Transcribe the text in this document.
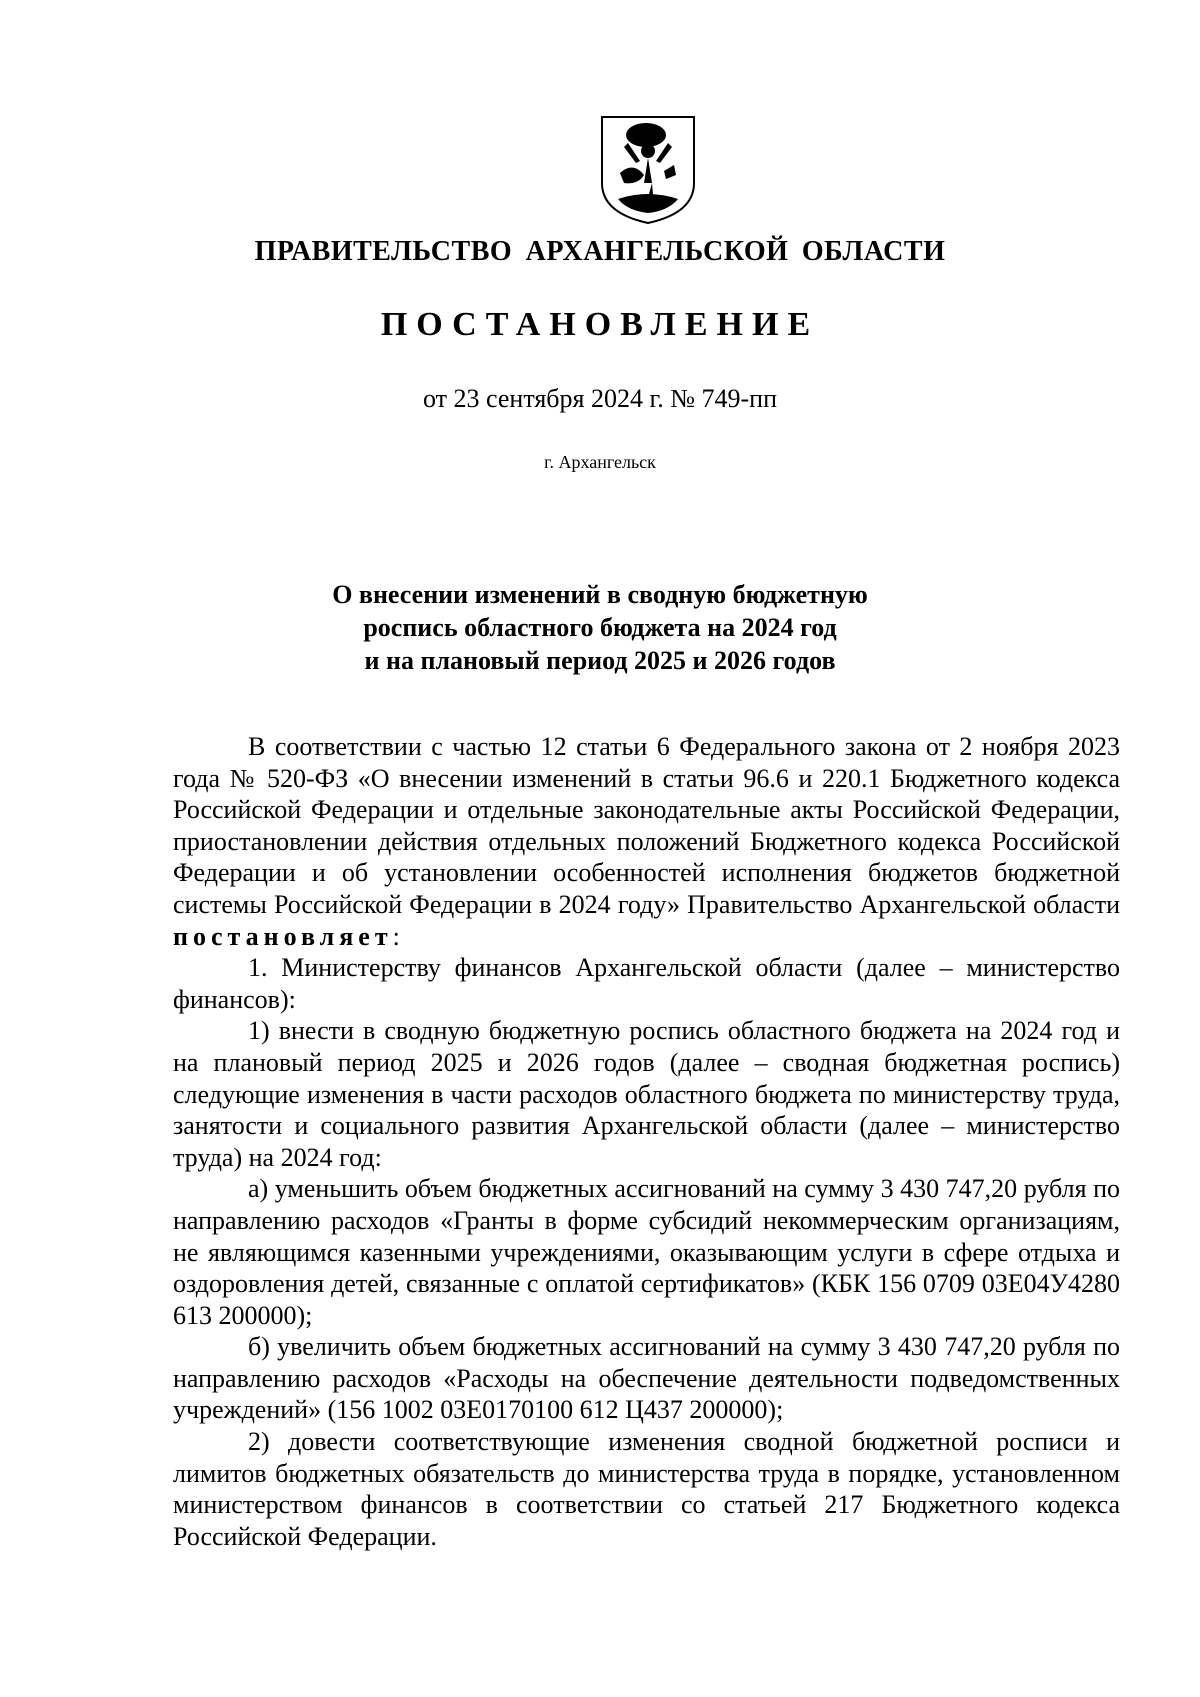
ПРАВИТЕЛЬСТВО АРХАНГЕЛЬСКОЙ ОБЛАСТИ
ПОСТАНОВЛЕНИЕ
от 23 сентября 2024 г. № 749-пп
г. Архангельск
О внесении изменений в сводную бюджетную
роспись областного бюджета на 2024 год
и на плановый период 2025 и 2026 годов

В соответствии с частью 12 статьи 6 Федерального закона от 2 ноября 2023 года № 520-ФЗ «О внесении изменений в статьи 96.6 и 220.1 Бюджетного кодекса Российской Федерации и отдельные законодательные акты Российской Федерации, приостановлении действия отдельных положений Бюджетного кодекса Российской Федерации и об установлении особенностей исполнения бюджетов бюджетной системы Российской Федерации в 2024 году» Правительство Архангельской области постановляет:

1. Министерству финансов Архангельской области (далее – министерство финансов):

1) внести в сводную бюджетную роспись областного бюджета на 2024 год и на плановый период 2025 и 2026 годов (далее – сводная бюджетная роспись) следующие изменения в части расходов областного бюджета по министерству труда, занятости и социального развития Архангельской области (далее – министерство труда) на 2024 год:

а) уменьшить объем бюджетных ассигнований на сумму 3 430 747,20 рубля по направлению расходов «Гранты в форме субсидий некоммерческим организациям, не являющимся казенными учреждениями, оказывающим услуги в сфере отдыха и оздоровления детей, связанные с оплатой сертификатов» (КБК 156 0709 03Е04У4280 613 200000);

б) увеличить объем бюджетных ассигнований на сумму 3 430 747,20 рубля по направлению расходов «Расходы на обеспечение деятельности подведомственных учреждений» (156 1002 03Е0170100 612 Ц437 200000);

2) довести соответствующие изменения сводной бюджетной росписи и лимитов бюджетных обязательств до министерства труда в порядке, установленном министерством финансов в соответствии со статьей 217 Бюджетного кодекса Российской Федерации.
